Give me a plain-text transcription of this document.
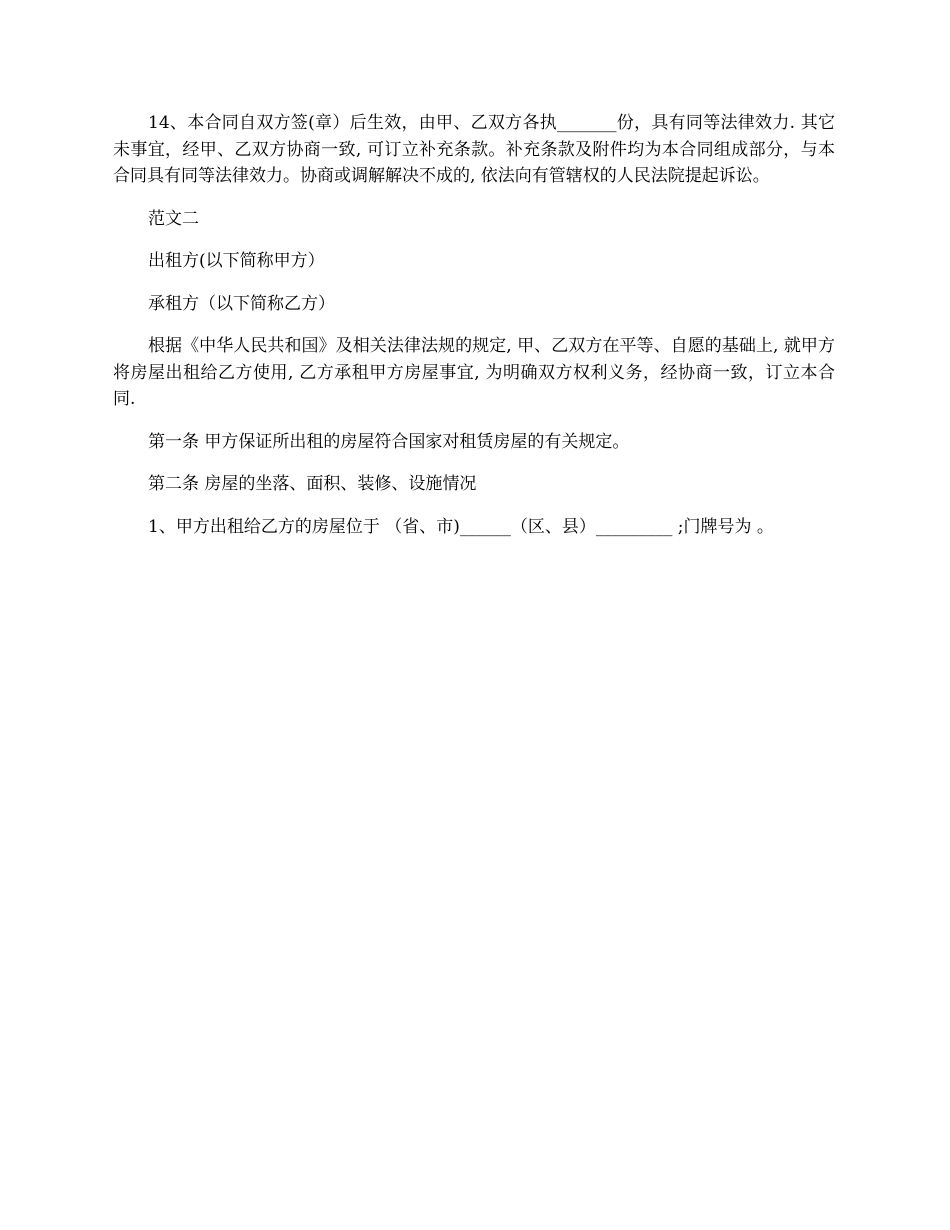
14、本合同自双方签(章）后生效，由甲、乙双方各执_______份，具有同等法律效力. 其它未事宜，经甲、乙双方协商一致, 可订立补充条款。补充条款及附件均为本合同组成部分，与本合同具有同等法律效力。协商或调解解决不成的, 依法向有管辖权的人民法院提起诉讼。

范文二

出租方(以下简称甲方）

承租方（以下简称乙方）

根据《中华人民共和国》及相关法律法规的规定, 甲、乙双方在平等、自愿的基础上, 就甲方将房屋出租给乙方使用, 乙方承租甲方房屋事宜, 为明确双方权利义务，经协商一致，订立本合同.

第一条 甲方保证所出租的房屋符合国家对租赁房屋的有关规定。

第二条 房屋的坐落、面积、装修、设施情况

1、甲方出租给乙方的房屋位于 （省、市)______（区、县）_________ ;门牌号为 。
